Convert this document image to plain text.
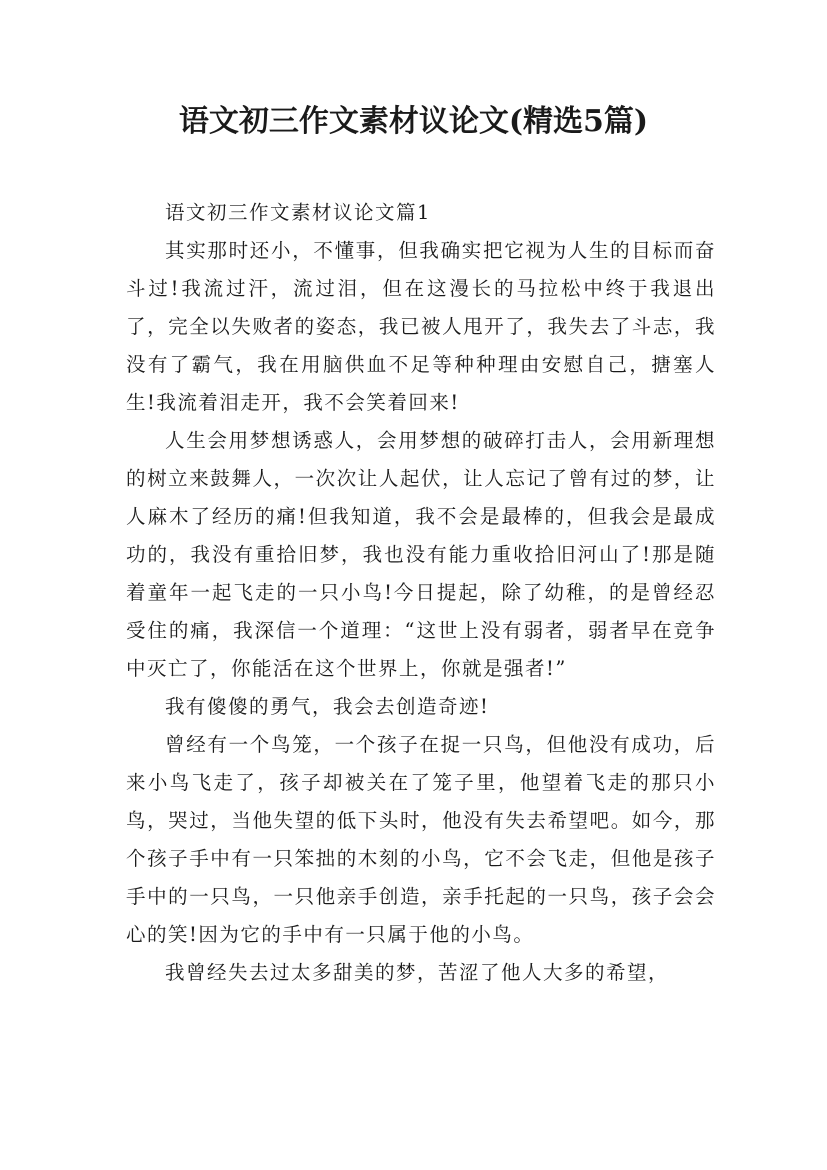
语文初三作文素材议论文(精选5篇)

语文初三作文素材议论文篇1

其实那时还小，不懂事，但我确实把它视为人生的目标而奋斗过!我流过汗，流过泪，但在这漫长的马拉松中终于我退出了，完全以失败者的姿态，我已被人甩开了，我失去了斗志，我没有了霸气，我在用脑供血不足等种种理由安慰自己，搪塞人生!我流着泪走开，我不会笑着回来!

人生会用梦想诱惑人，会用梦想的破碎打击人，会用新理想的树立来鼓舞人，一次次让人起伏，让人忘记了曾有过的梦，让人麻木了经历的痛!但我知道，我不会是最棒的，但我会是最成功的，我没有重拾旧梦，我也没有能力重收拾旧河山了!那是随着童年一起飞走的一只小鸟!今日提起，除了幼稚，的是曾经忍受住的痛，我深信一个道理：“这世上没有弱者，弱者早在竞争中灭亡了，你能活在这个世界上，你就是强者!”

我有傻傻的勇气，我会去创造奇迹!

曾经有一个鸟笼，一个孩子在捉一只鸟，但他没有成功，后来小鸟飞走了，孩子却被关在了笼子里，他望着飞走的那只小鸟，哭过，当他失望的低下头时，他没有失去希望吧。如今，那个孩子手中有一只笨拙的木刻的小鸟，它不会飞走，但他是孩子手中的一只鸟，一只他亲手创造，亲手托起的一只鸟，孩子会会心的笑!因为它的手中有一只属于他的小鸟。

我曾经失去过太多甜美的梦，苦涩了他人大多的希望，
